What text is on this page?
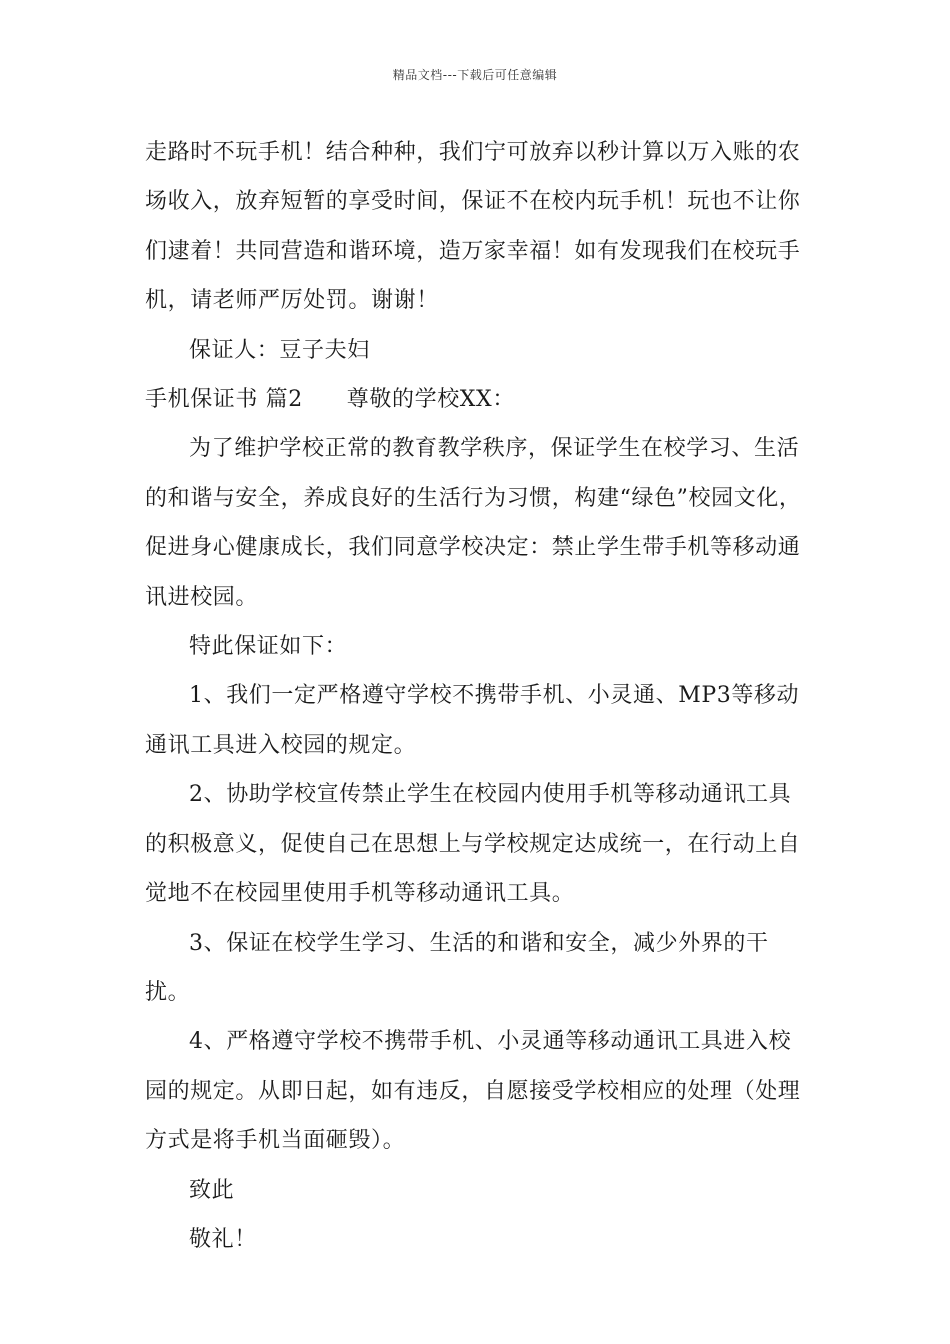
精品文档---下载后可任意编辑

走路时不玩手机！结合种种，我们宁可放弃以秒计算以万入账的农场收入，放弃短暂的享受时间，保证不在校内玩手机！玩也不让你们逮着！共同营造和谐环境，造万家幸福！如有发现我们在校玩手机，请老师严厉处罚。谢谢！

保证人：豆子夫妇

手机保证书 篇2 尊敬的学校XX：

为了维护学校正常的教育教学秩序，保证学生在校学习、生活的和谐与安全，养成良好的生活行为习惯，构建“绿色”校园文化，促进身心健康成长，我们同意学校决定：禁止学生带手机等移动通讯进校园。

特此保证如下：

1、我们一定严格遵守学校不携带手机、小灵通、MP3等移动通讯工具进入校园的规定。

2、协助学校宣传禁止学生在校园内使用手机等移动通讯工具的积极意义，促使自己在思想上与学校规定达成统一，在行动上自觉地不在校园里使用手机等移动通讯工具。

3、保证在校学生学习、生活的和谐和安全，减少外界的干扰。

4、严格遵守学校不携带手机、小灵通等移动通讯工具进入校园的规定。从即日起，如有违反，自愿接受学校相应的处理（处理方式是将手机当面砸毁）。

致此

敬礼！
